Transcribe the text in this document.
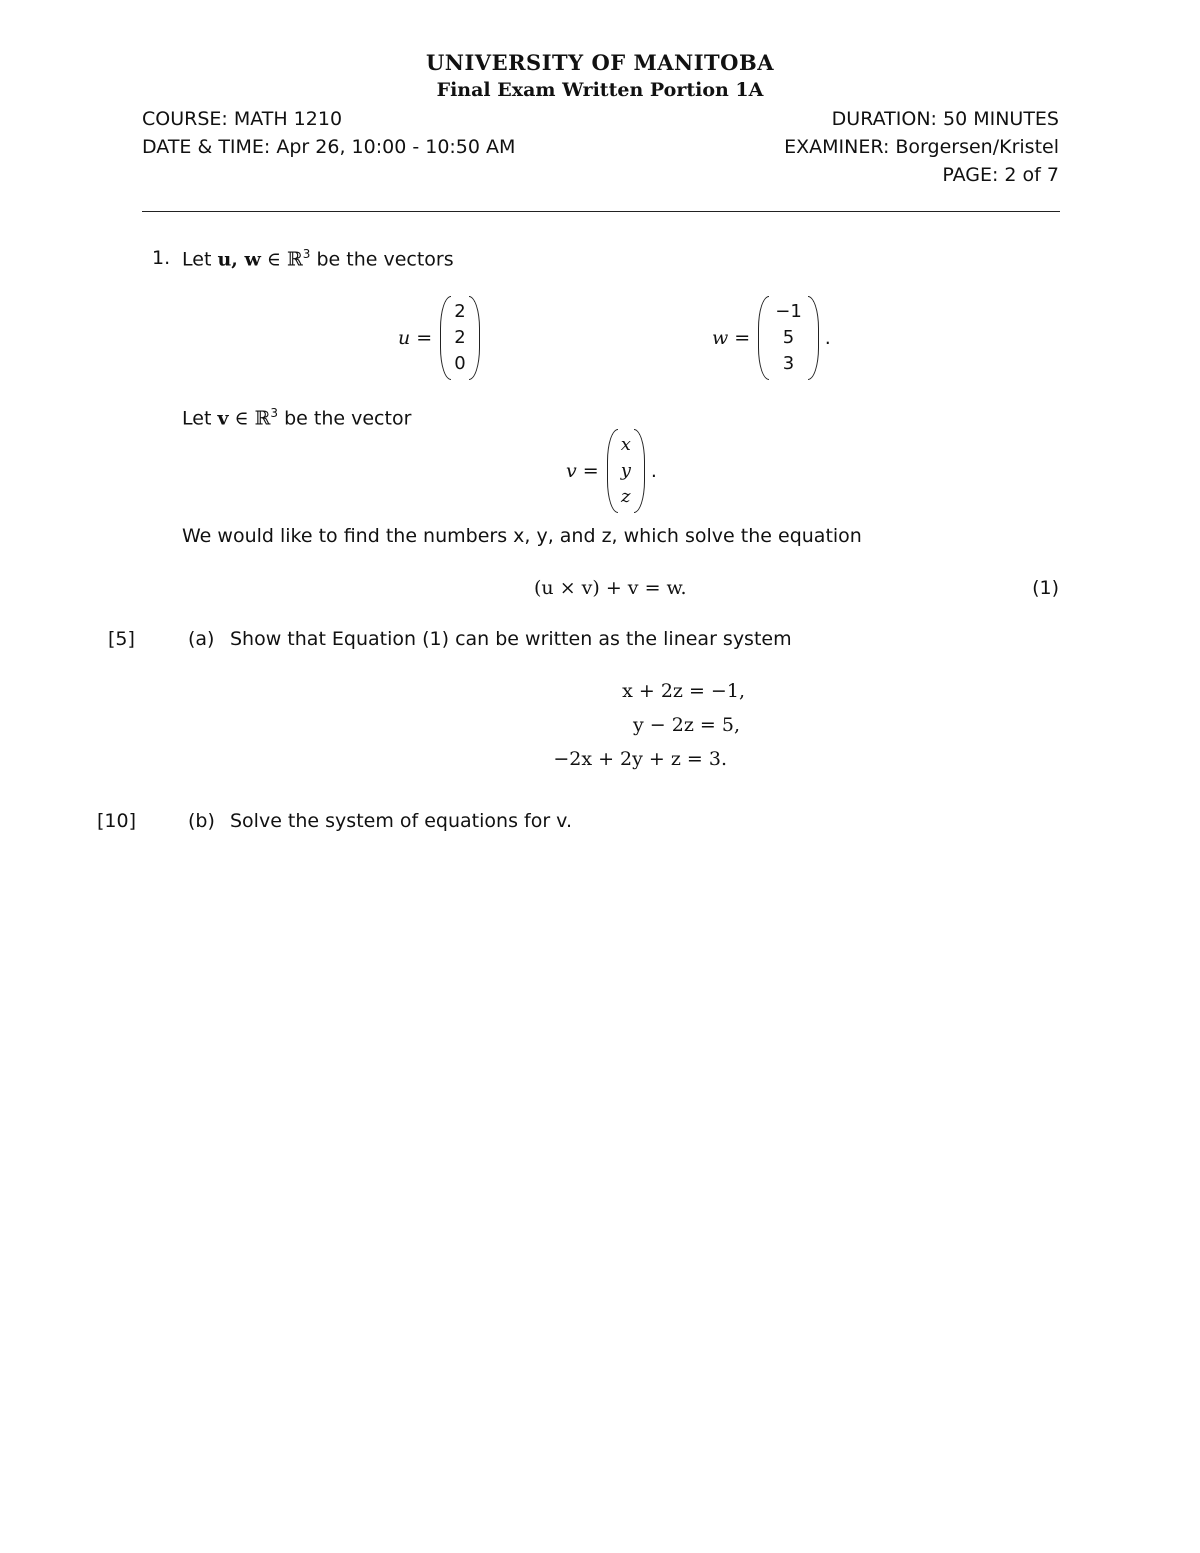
UNIVERSITY OF MANITOBA
Final Exam Written Portion 1A
COURSE: MATH 1210
DATE & TIME: Apr 26, 10:00 - 10:50 AM
DURATION: 50 MINUTES
EXAMINER: Borgersen/Kristel
PAGE: 2 of 7
1. Let u, w ∈ ℝ$^3$ be the vectors
u =
2
2
0
w =
−1
5
3
.
Let v ∈ ℝ$^3$ be the vector
v =
x
y
z
.
We would like to find the numbers x, y, and z, which solve the equation
(u × v) + v = w.	(1)
[5]	(a) Show that Equation (1) can be written as the linear system
x + 2z = −1,
y − 2z = 5,
−2x + 2y + z = 3.
[10]	(b) Solve the system of equations for v.
